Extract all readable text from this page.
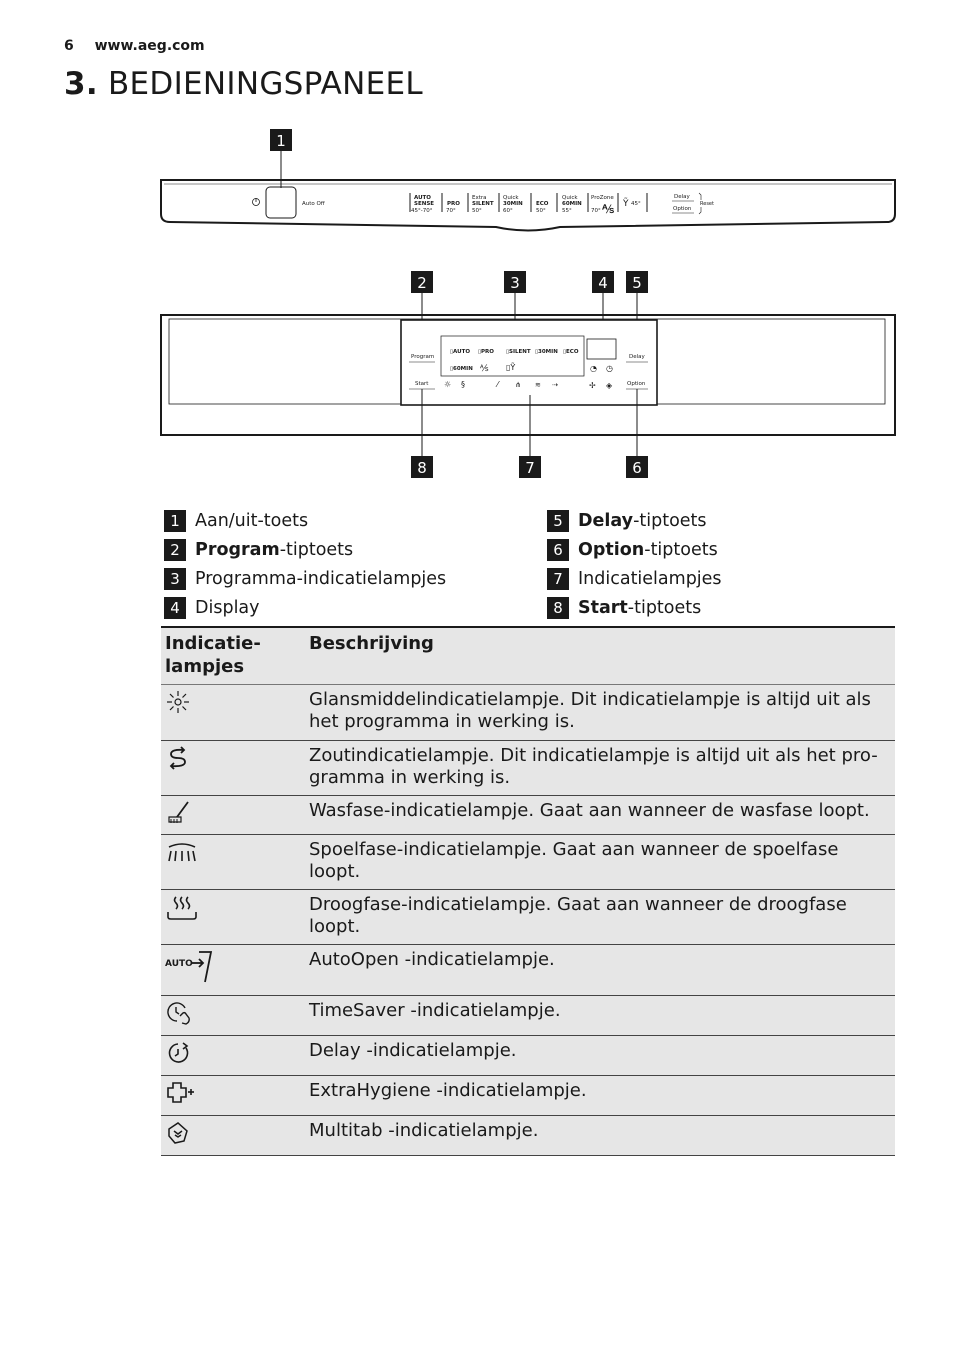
6 www.aeg.com
3. BEDIENINGSPANEEL
1
Auto Off
AUTO
SENSE
45°-70°
PRO
70°
Extra
SILENT
50°
Quick
30MIN
60°
ECO
50°
Quick
60MIN
55°
ProZone
70° ⅍ Ỹ 45°
Delay
Option
Reset
2	3	4 5
Program
Start
Delay
Option
▯AUTO ▯PRO ▯SILENT ▯30MIN ▯ECO
▯60MIN ⅍ ▯Ỹ	◔ ◷
☼ §	⁄ ⋔ ≋ ⇢	✢ ◈
8	7	6
1 Aan/uit-toets
2 Program -tiptoets
3 Programma-indicatielampjes
4 Display
5 Delay -tiptoets
6 Option -tiptoets
7 Indicatielampjes
8 Start -tiptoets
Indicatie-
lampjes	Beschrijving

	Glansmiddelindicatielampje. Dit indicatielampje is altijd uit als het programma in werking is.

	Zoutindicatielampje. Dit indicatielampje is altijd uit als het pro-gramma in werking is.

	Wasfase-indicatielampje. Gaat aan wanneer de wasfase loopt.

	Spoelfase-indicatielampje. Gaat aan wanneer de spoelfase loopt.

	Droogfase-indicatielampje. Gaat aan wanneer de droogfase loopt.

AUTO	AutoOpen -indicatielampje.

	TimeSaver -indicatielampje.

	Delay -indicatielampje.

	ExtraHygiene -indicatielampje.

	Multitab -indicatielampje.
